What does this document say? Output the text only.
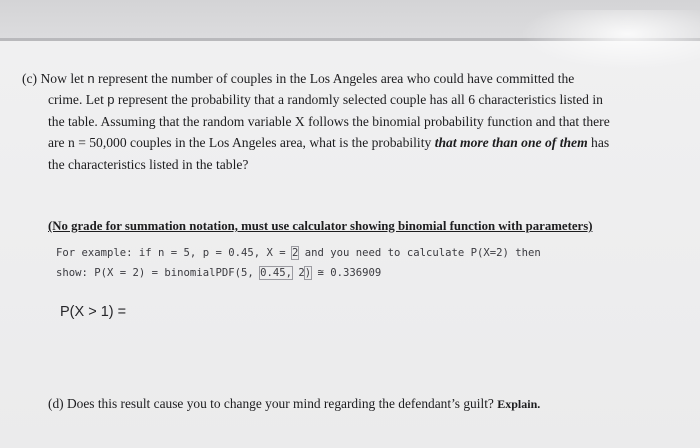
(c) Now let n represent the number of couples in the Los Angeles area who could have committed the
crime. Let p represent the probability that a randomly selected couple has all 6 characteristics listed in
the table. Assuming that the random variable X follows the binomial probability function and that there
are n = 50,000 couples in the Los Angeles area, what is the probability that more than one of them has
the characteristics listed in the table?
(No grade for summation notation, must use calculator showing binomial function with parameters)
For example: if n = 5, p = 0.45, X = 2 and you need to calculate P(X=2) then
show: P(X = 2) = binomialPDF(5, 0.45, 2) ≅ 0.336909
P(X > 1) =
(d) Does this result cause you to change your mind regarding the defendant’s guilt? Explain.
